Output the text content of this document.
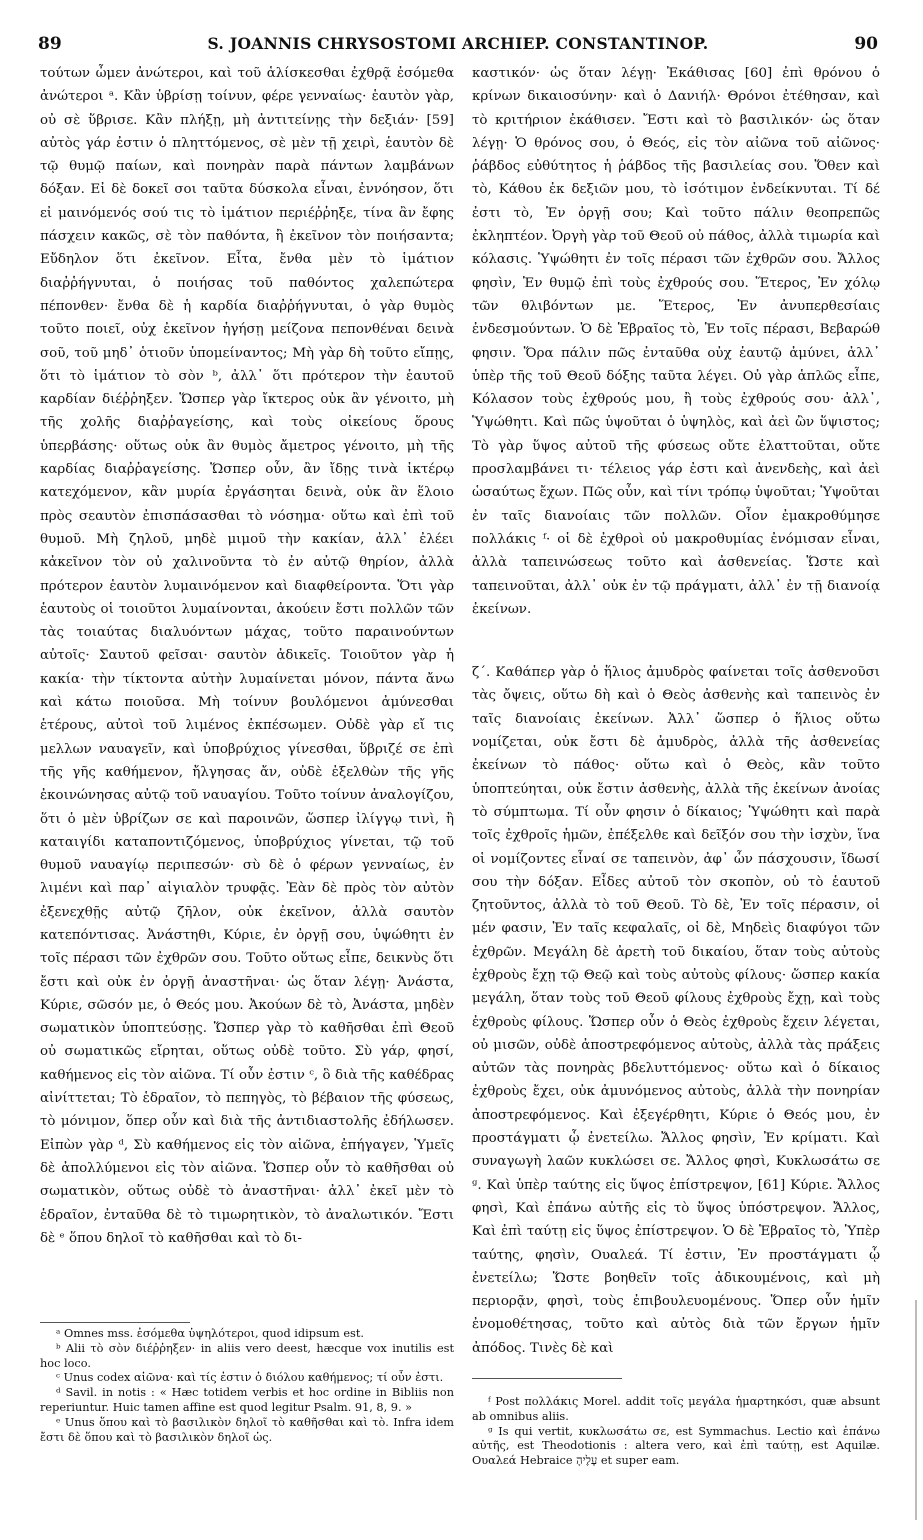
89	S. JOANNIS CHRYSOSTOMI ARCHIEP. CONSTANTINOP.	90

τούτων ὦμεν ἀνώτεροι, καὶ τοῦ ἁλίσκεσθαι ἐχθρᾷ ἐσόμεθα ἀνώτεροι ᵃ. Κἂν ὑβρίσῃ τοίνυν, φέρε γενναίως· ἑαυτὸν γὰρ, οὐ σὲ ὕβρισε. Κἂν πλήξῃ, μὴ ἀντιτείνῃς τὴν δεξιάν· [59] αὐτὸς γάρ ἐστιν ὁ πληττόμενος, σὲ μὲν τῇ χειρὶ, ἑαυτὸν δὲ τῷ θυμῷ παίων, καὶ πονηρὰν παρὰ πάντων λαμβάνων δόξαν. Εἰ δὲ δοκεῖ σοι ταῦτα δύσκολα εἶναι, ἐννόησον, ὅτι εἰ μαινόμενός σού τις τὸ ἱμάτιον περιέῤῥηξε, τίνα ἂν ἔφης πάσχειν κακῶς, σὲ τὸν παθόντα, ἢ ἐκεῖνον τὸν ποιήσαντα; Εὔδηλον ὅτι ἐκεῖνον. Εἶτα, ἔνθα μὲν τὸ ἱμάτιον διαῤῥήγνυται, ὁ ποιήσας τοῦ παθόντος χαλεπώτερα πέπονθεν· ἔνθα δὲ ἡ καρδία διαῤῥήγνυται, ὁ γὰρ θυμὸς τοῦτο ποιεῖ, οὐχ ἐκεῖνον ἡγήσῃ μείζονα πεπονθέναι δεινὰ σοῦ, τοῦ μηδ᾿ ὁτιοῦν ὑπομείναντος; Μὴ γὰρ δὴ τοῦτο εἴπῃς, ὅτι τὸ ἱμάτιον τὸ σὸν ᵇ, ἀλλ᾿ ὅτι πρότερον τὴν ἑαυτοῦ καρδίαν διέῤῥηξεν. Ὥσπερ γὰρ ἴκτερος οὐκ ἂν γένοιτο, μὴ τῆς χολῆς διαῤῥαγείσης, καὶ τοὺς οἰκείους ὅρους ὑπερβάσης· οὕτως οὐκ ἂν θυμὸς ἄμετρος γένοιτο, μὴ τῆς καρδίας διαῤῥαγείσης. Ὥσπερ οὖν, ἂν ἴδῃς τινὰ ἰκτέρῳ κατεχόμενον, κἂν μυρία ἐργάσηται δεινὰ, οὐκ ἂν ἕλοιο πρὸς σεαυτὸν ἐπισπάσασθαι τὸ νόσημα· οὕτω καὶ ἐπὶ τοῦ θυμοῦ. Μὴ ζηλοῦ, μηδὲ μιμοῦ τὴν κακίαν, ἀλλ᾿ ἐλέει κἀκεῖνον τὸν οὐ χαλινοῦντα τὸ ἐν αὐτῷ θηρίον, ἀλλὰ πρότερον ἑαυτὸν λυμαινόμενον καὶ διαφθείροντα. Ὅτι γὰρ ἑαυτοὺς οἱ τοιοῦτοι λυμαίνονται, ἀκούειν ἔστι πολλῶν τῶν τὰς τοιαύτας διαλυόντων μάχας, τοῦτο παραινούντων αὐτοῖς· Σαυτοῦ φεῖσαι· σαυτὸν ἀδικεῖς. Τοιοῦτον γὰρ ἡ κακία· τὴν τίκτοντα αὐτὴν λυμαίνεται μόνον, πάντα ἄνω καὶ κάτω ποιοῦσα. Μὴ τοίνυν βουλόμενοι ἀμύνεσθαι ἑτέρους, αὐτοὶ τοῦ λιμένος ἐκπέσωμεν. Οὐδὲ γὰρ εἴ τις μελλων ναυαγεῖν, καὶ ὑποβρύχιος γίνεσθαι, ὕβριζέ σε ἐπὶ τῆς γῆς καθήμενον, ἤλγησας ἄν, οὐδὲ ἐξελθὼν τῆς γῆς ἐκοινώνησας αὐτῷ τοῦ ναυαγίου. Τοῦτο τοίνυν ἀναλογίζου, ὅτι ὁ μὲν ὑβρίζων σε καὶ παροινῶν, ὥσπερ ἰλίγγῳ τινὶ, ἢ καταιγίδι καταποντιζόμενος, ὑποβρύχιος γίνεται, τῷ τοῦ θυμοῦ ναυαγίῳ περιπεσών· σὺ δὲ ὁ φέρων γενναίως, ἐν λιμένι καὶ παρ᾿ αἰγιαλὸν τρυφᾷς. Ἐὰν δὲ πρὸς τὸν αὐτὸν ἐξενεχθῇς αὐτῷ ζῆλον, οὐκ ἐκεῖνον, ἀλλὰ σαυτὸν κατεπόντισας. Ἀνάστηθι, Κύριε, ἐν ὀργῇ σου, ὑψώθητι ἐν τοῖς πέρασι τῶν ἐχθρῶν σου. Τοῦτο οὕτως εἶπε, δεικνὺς ὅτι ἔστι καὶ οὐκ ἐν ὀργῇ ἀναστῆναι· ὡς ὅταν λέγῃ· Ἀνάστα, Κύριε, σῶσόν με, ὁ Θεός μου. Ἀκούων δὲ τὸ, Ἀνάστα, μηδὲν σωματικὸν ὑποπτεύσῃς. Ὥσπερ γὰρ τὸ καθῆσθαι ἐπὶ Θεοῦ οὐ σωματικῶς εἴρηται, οὕτως οὐδὲ τοῦτο. Σὺ γάρ, φησί, καθήμενος εἰς τὸν αἰῶνα. Τί οὖν ἐστιν ᶜ, ὃ διὰ τῆς καθέδρας αἰνίττεται; Τὸ ἑδραῖον, τὸ πεπηγὸς, τὸ βέβαιον τῆς φύσεως, τὸ μόνιμον, ὅπερ οὖν καὶ διὰ τῆς ἀντιδιαστολῆς ἐδήλωσεν. Εἰπὼν γὰρ ᵈ, Σὺ καθήμενος εἰς τὸν αἰῶνα, ἐπήγαγεν, Ὑμεῖς δὲ ἀπολλύμενοι εἰς τὸν αἰῶνα. Ὥσπερ οὖν τὸ καθῆσθαι οὐ σωματικὸν, οὕτως οὐδὲ τὸ ἀναστῆναι· ἀλλ᾿ ἐκεῖ μὲν τὸ ἑδραῖον, ἐνταῦθα δὲ τὸ τιμωρητικὸν, τὸ ἀναλωτικόν. Ἔστι δὲ ᵉ ὅπου δηλοῖ τὸ καθῆσθαι καὶ τὸ δι-

καστικόν· ὡς ὅταν λέγῃ· Ἐκάθισας [60] ἐπὶ θρόνου ὁ κρίνων δικαιοσύνην· καὶ ὁ Δανιήλ· Θρόνοι ἐτέθησαν, καὶ τὸ κριτήριον ἐκάθισεν. Ἔστι καὶ τὸ βασιλικόν· ὡς ὅταν λέγῃ· Ὁ θρόνος σου, ὁ Θεός, εἰς τὸν αἰῶνα τοῦ αἰῶνος· ῥάβδος εὐθύτητος ἡ ῥάβδος τῆς βασιλείας σου. Ὅθεν καὶ τὸ, Κάθου ἐκ δεξιῶν μου, τὸ ἰσότιμον ἐνδείκνυται. Τί δέ ἐστι τὸ, Ἐν ὀργῇ σου; Καὶ τοῦτο πάλιν θεοπρεπῶς ἐκληπτέον. Ὀργὴ γὰρ τοῦ Θεοῦ οὐ πάθος, ἀλλὰ τιμωρία καὶ κόλασις. Ὑψώθητι ἐν τοῖς πέρασι τῶν ἐχθρῶν σου. Ἄλλος φησὶν, Ἐν θυμῷ ἐπὶ τοὺς ἐχθρούς σου. Ἕτερος, Ἐν χόλῳ τῶν θλιβόντων με. Ἕτερος, Ἐν ἀνυπερθεσίαις ἐνδεσμούντων. Ὁ δὲ Ἑβραῖος τὸ, Ἐν τοῖς πέρασι, Βεβαρώθ φησιν. Ὅρα πάλιν πῶς ἐνταῦθα οὐχ ἑαυτῷ ἀμύνει, ἀλλ᾿ ὑπὲρ τῆς τοῦ Θεοῦ δόξης ταῦτα λέγει. Οὐ γὰρ ἁπλῶς εἶπε, Κόλασον τοὺς ἐχθρούς μου, ἢ τοὺς ἐχθρούς σου· ἀλλ᾿, Ὑψώθητι. Καὶ πῶς ὑψοῦται ὁ ὑψηλὸς, καὶ ἀεὶ ὢν ὕψιστος; Τὸ γὰρ ὕψος αὐτοῦ τῆς φύσεως οὔτε ἐλαττοῦται, οὔτε προσλαμβάνει τι· τέλειος γάρ ἐστι καὶ ἀνενδεὴς, καὶ ἀεὶ ὡσαύτως ἔχων. Πῶς οὖν, καὶ τίνι τρόπῳ ὑψοῦται; Ὑψοῦται ἐν ταῖς διανοίαις τῶν πολλῶν. Οἷον ἐμακροθύμησε πολλάκις ᶠ· οἱ δὲ ἐχθροὶ οὐ μακροθυμίας ἐνόμισαν εἶναι, ἀλλὰ ταπεινώσεως τοῦτο καὶ ἀσθενείας. Ὥστε καὶ ταπεινοῦται, ἀλλ᾿ οὐκ ἐν τῷ πράγματι, ἀλλ᾿ ἐν τῇ διανοίᾳ ἐκείνων.

ζ΄. Καθάπερ γὰρ ὁ ἥλιος ἀμυδρὸς φαίνεται τοῖς ἀσθενοῦσι τὰς ὄψεις, οὕτω δὴ καὶ ὁ Θεὸς ἀσθενὴς καὶ ταπεινὸς ἐν ταῖς διανοίαις ἐκείνων. Ἀλλ᾿ ὥσπερ ὁ ἥλιος οὕτω νομίζεται, οὐκ ἔστι δὲ ἀμυδρὸς, ἀλλὰ τῆς ἀσθενείας ἐκείνων τὸ πάθος· οὕτω καὶ ὁ Θεὸς, κἂν τοῦτο ὑποπτεύηται, οὐκ ἔστιν ἀσθενὴς, ἀλλὰ τῆς ἐκείνων ἀνοίας τὸ σύμπτωμα. Τί οὖν φησιν ὁ δίκαιος; Ὑψώθητι καὶ παρὰ τοῖς ἐχθροῖς ἡμῶν, ἐπέξελθε καὶ δεῖξόν σου τὴν ἰσχὺν, ἵνα οἱ νομίζοντες εἶναί σε ταπεινὸν, ἀφ᾿ ὧν πάσχουσιν, ἴδωσί σου τὴν δόξαν. Εἶδες αὐτοῦ τὸν σκοπὸν, οὐ τὸ ἑαυτοῦ ζητοῦντος, ἀλλὰ τὸ τοῦ Θεοῦ. Τὸ δὲ, Ἐν τοῖς πέρασιν, οἱ μέν φασιν, Ἐν ταῖς κεφαλαῖς, οἱ δὲ, Μηδεὶς διαφύγοι τῶν ἐχθρῶν. Μεγάλη δὲ ἀρετὴ τοῦ δικαίου, ὅταν τοὺς αὐτοὺς ἐχθροὺς ἔχῃ τῷ Θεῷ καὶ τοὺς αὐτοὺς φίλους· ὥσπερ κακία μεγάλη, ὅταν τοὺς τοῦ Θεοῦ φίλους ἐχθροὺς ἔχῃ, καὶ τοὺς ἐχθροὺς φίλους. Ὥσπερ οὖν ὁ Θεὸς ἐχθροὺς ἔχειν λέγεται, οὐ μισῶν, οὐδὲ ἀποστρεφόμενος αὐτοὺς, ἀλλὰ τὰς πράξεις αὐτῶν τὰς πονηρὰς βδελυττόμενος· οὕτω καὶ ὁ δίκαιος ἐχθροὺς ἔχει, οὐκ ἀμυνόμενος αὐτοὺς, ἀλλὰ τὴν πονηρίαν ἀποστρεφόμενος. Καὶ ἐξεγέρθητι, Κύριε ὁ Θεός μου, ἐν προστάγματι ᾧ ἐνετείλω. Ἄλλος φησὶν, Ἐν κρίματι. Καὶ συναγωγὴ λαῶν κυκλώσει σε. Ἄλλος φησὶ, Κυκλωσάτω σε ᵍ. Καὶ ὑπὲρ ταύτης εἰς ὕψος ἐπίστρεψον, [61] Κύριε. Ἄλλος φησὶ, Καὶ ἐπάνω αὐτῆς εἰς τὸ ὕψος ὑπόστρεψον. Ἄλλος, Καὶ ἐπὶ ταύτῃ εἰς ὕψος ἐπίστρεψον. Ὁ δὲ Ἑβραῖος τὸ, Ὑπὲρ ταύτης, φησὶν, Ουαλεά. Τί ἐστιν, Ἐν προστάγματι ᾧ ἐνετείλω; Ὥστε βοηθεῖν τοῖς ἀδικουμένοις, καὶ μὴ περιορᾷν, φησὶ, τοὺς ἐπιβουλευομένους. Ὅπερ οὖν ἡμῖν ἐνομοθέτησας, τοῦτο καὶ αὐτὸς διὰ τῶν ἔργων ἡμῖν ἀπόδος. Τινὲς δὲ καὶ

ᵃ Omnes mss. ἐσόμεθα ὑψηλότεροι, quod idipsum est.

ᵇ Alii τὸ σὸν διέῤῥηξεν· in aliis vero deest, hæcque vox inutilis est hoc loco.

ᶜ Unus codex αἰῶνα· καὶ τίς ἐστιν ὁ διόλου καθήμενος; τί οὖν ἐστι.

ᵈ Savil. in notis : « Hæc totidem verbis et hoc ordine in Bibliis non reperiuntur. Huic tamen affine est quod legitur Psalm. 91, 8, 9. »

ᵉ Unus ὅπου καὶ τὸ βασιλικὸν δηλοῖ τὸ καθῆσθαι καὶ τὸ. Infra idem ἔστι δὲ ὅπου καὶ τὸ βασιλικὸν δηλοῖ ὡς.

ᶠ Post πολλάκις Morel. addit τοῖς μεγάλα ἡμαρτηκόσι, quæ absunt ab omnibus aliis.

ᵍ Is qui vertit, κυκλωσάτω σε, est Symmachus. Lectio καὶ ἐπάνω αὐτῆς, est Theodotionis : altera vero, καὶ ἐπὶ ταύτῃ, est Aquilæ. Ουαλεά Hebraice עָלֶיהָ et super eam.
